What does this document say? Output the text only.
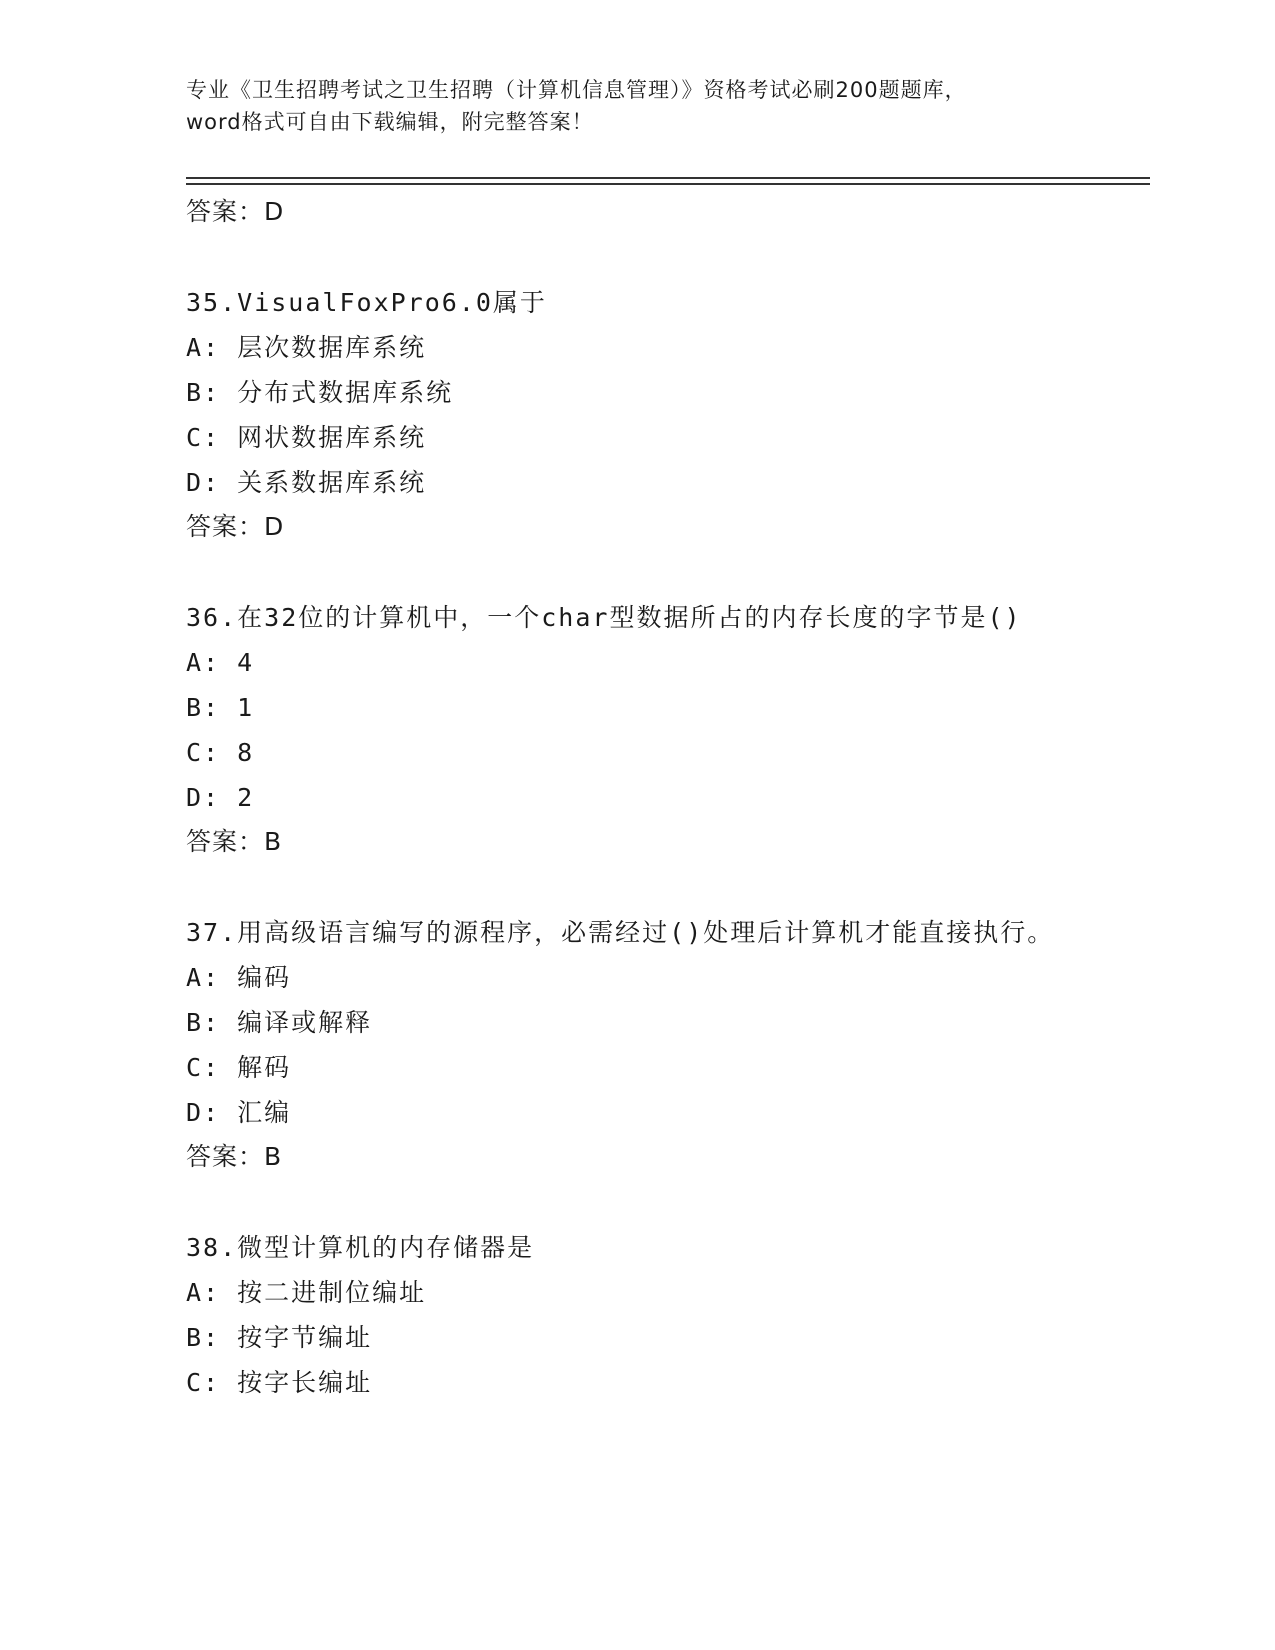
专业《卫生招聘考试之卫生招聘（计算机信息管理）》资格考试必刷200题题库，
word格式可自由下载编辑，附完整答案！
答案：D
35.VisualFoxPro6.0属于
A: 层次数据库系统
B: 分布式数据库系统
C: 网状数据库系统
D: 关系数据库系统
答案：D
36.在32位的计算机中，一个char型数据所占的内存长度的字节是()
A: 4
B: 1
C: 8
D: 2
答案：B
37.用高级语言编写的源程序，必需经过()处理后计算机才能直接执行。
A: 编码
B: 编译或解释
C: 解码
D: 汇编
答案：B
38.微型计算机的内存储器是
A: 按二进制位编址
B: 按字节编址
C: 按字长编址
